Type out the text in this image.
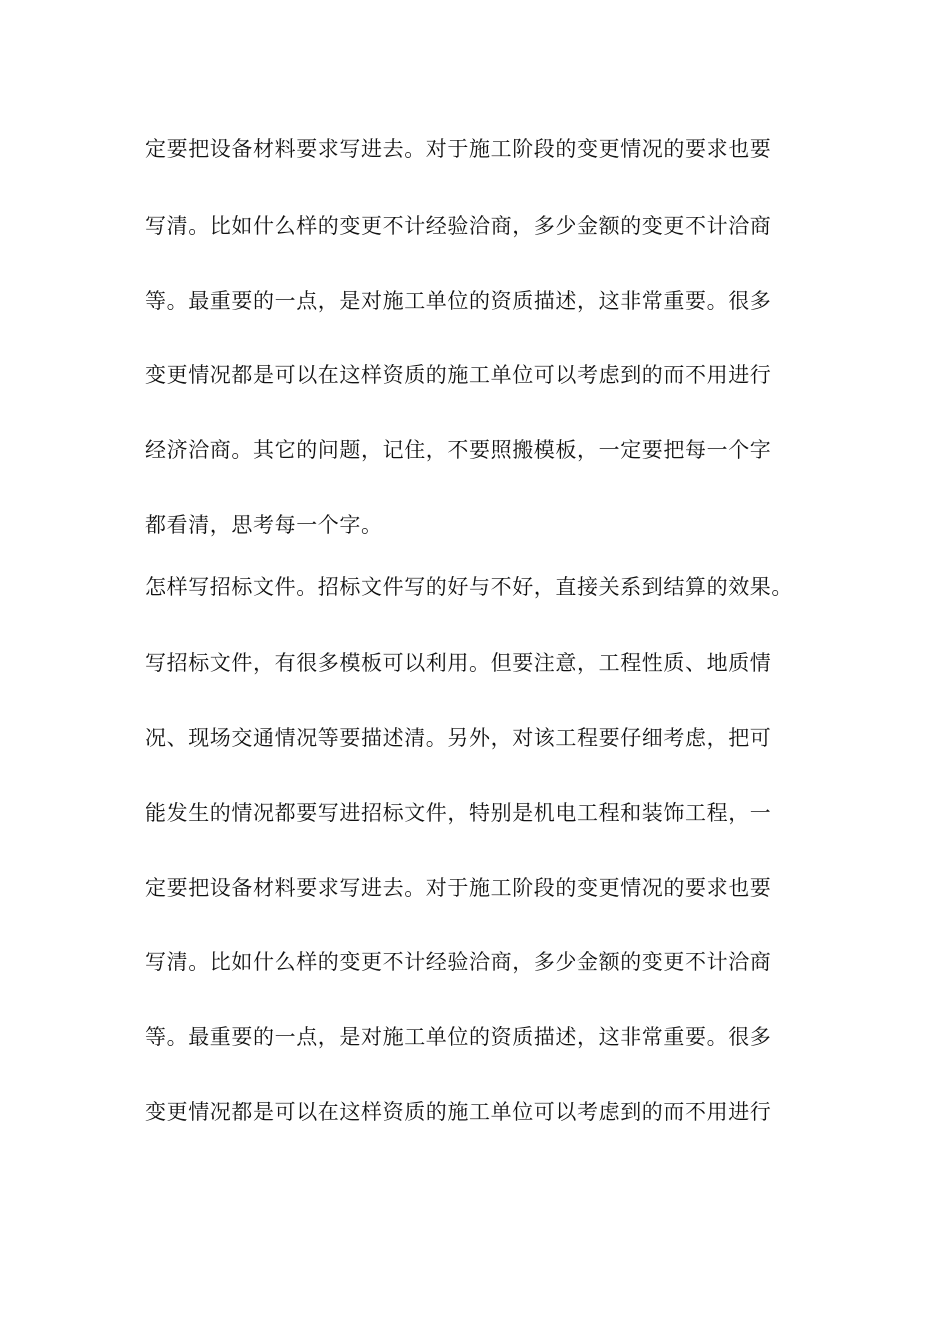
定要把设备材料要求写进去。对于施工阶段的变更情况的要求也要
写清。比如什么样的变更不计经验洽商，多少金额的变更不计洽商
等。最重要的一点，是对施工单位的资质描述，这非常重要。很多
变更情况都是可以在这样资质的施工单位可以考虑到的而不用进行
经济洽商。其它的问题，记住，不要照搬模板，一定要把每一个字
都看清，思考每一个字。
怎样写招标文件。招标文件写的好与不好，直接关系到结算的效果。
写招标文件，有很多模板可以利用。但要注意，工程性质、地质情
况、现场交通情况等要描述清。另外，对该工程要仔细考虑，把可
能发生的情况都要写进招标文件，特别是机电工程和装饰工程，一
定要把设备材料要求写进去。对于施工阶段的变更情况的要求也要
写清。比如什么样的变更不计经验洽商，多少金额的变更不计洽商
等。最重要的一点，是对施工单位的资质描述，这非常重要。很多
变更情况都是可以在这样资质的施工单位可以考虑到的而不用进行
